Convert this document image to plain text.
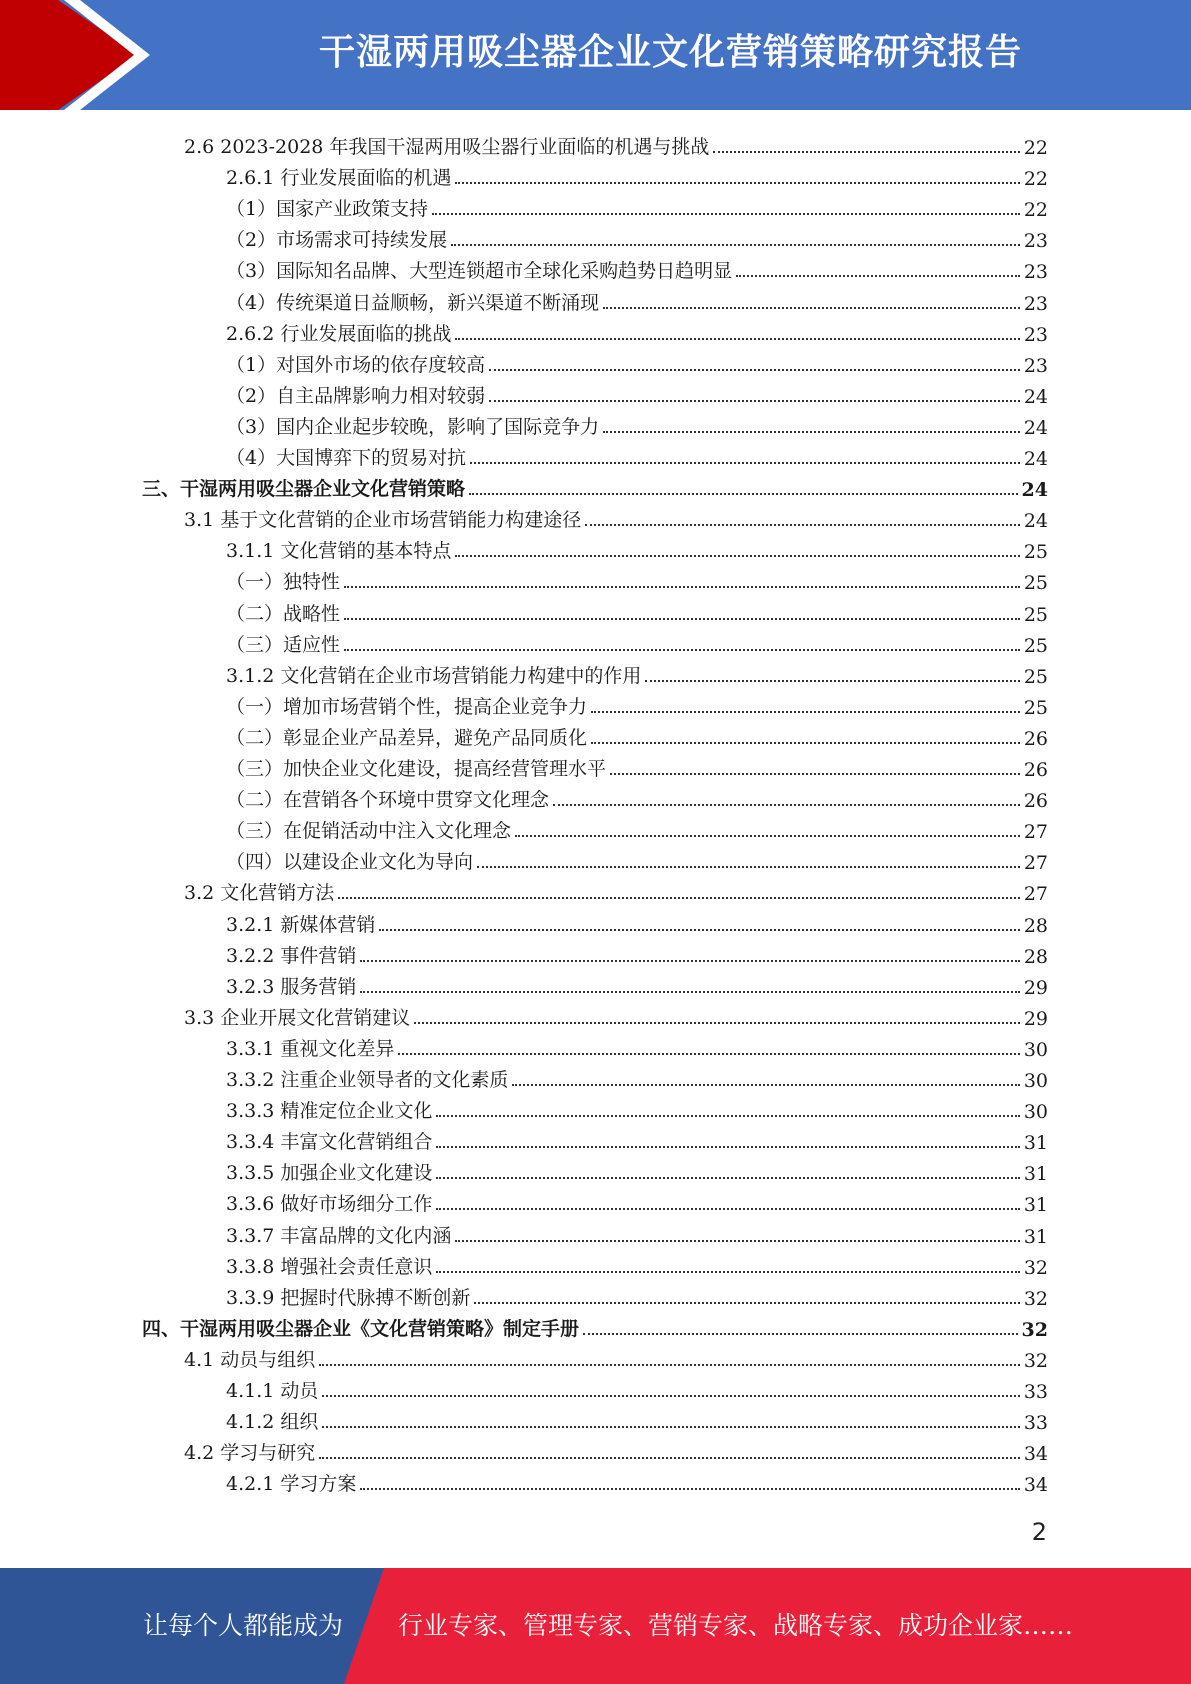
干湿两用吸尘器企业文化营销策略研究报告
2.6 2023-2028 年我国干湿两用吸尘器行业面临的机遇与挑战	22
2.6.1 行业发展面临的机遇	22
（1）国家产业政策支持	22
（2）市场需求可持续发展	23
（3）国际知名品牌、大型连锁超市全球化采购趋势日趋明显	23
（4）传统渠道日益顺畅，新兴渠道不断涌现	23
2.6.2 行业发展面临的挑战	23
（1）对国外市场的依存度较高	23
（2）自主品牌影响力相对较弱	24
（3）国内企业起步较晚，影响了国际竞争力	24
（4）大国博弈下的贸易对抗	24
三、干湿两用吸尘器企业文化营销策略	24
3.1 基于文化营销的企业市场营销能力构建途径	24
3.1.1 文化营销的基本特点	25
（一）独特性	25
（二）战略性	25
（三）适应性	25
3.1.2 文化营销在企业市场营销能力构建中的作用	25
（一）增加市场营销个性，提高企业竞争力	25
（二）彰显企业产品差异，避免产品同质化	26
（三）加快企业文化建设，提高经营管理水平	26
（二）在营销各个环境中贯穿文化理念	26
（三）在促销活动中注入文化理念	27
（四）以建设企业文化为导向	27
3.2 文化营销方法	27
3.2.1 新媒体营销	28
3.2.2 事件营销	28
3.2.3 服务营销	29
3.3 企业开展文化营销建议	29
3.3.1 重视文化差异	30
3.3.2 注重企业领导者的文化素质	30
3.3.3 精准定位企业文化	30
3.3.4 丰富文化营销组合	31
3.3.5 加强企业文化建设	31
3.3.6 做好市场细分工作	31
3.3.7 丰富品牌的文化内涵	31
3.3.8 增强社会责任意识	32
3.3.9 把握时代脉搏不断创新	32
四、干湿两用吸尘器企业《文化营销策略》制定手册	32
4.1 动员与组织	32
4.1.1 动员	33
4.1.2 组织	33
4.2 学习与研究	34
4.2.1 学习方案	34
2
让每个人都能成为 行业专家、管理专家、营销专家、战略专家、成功企业家……
